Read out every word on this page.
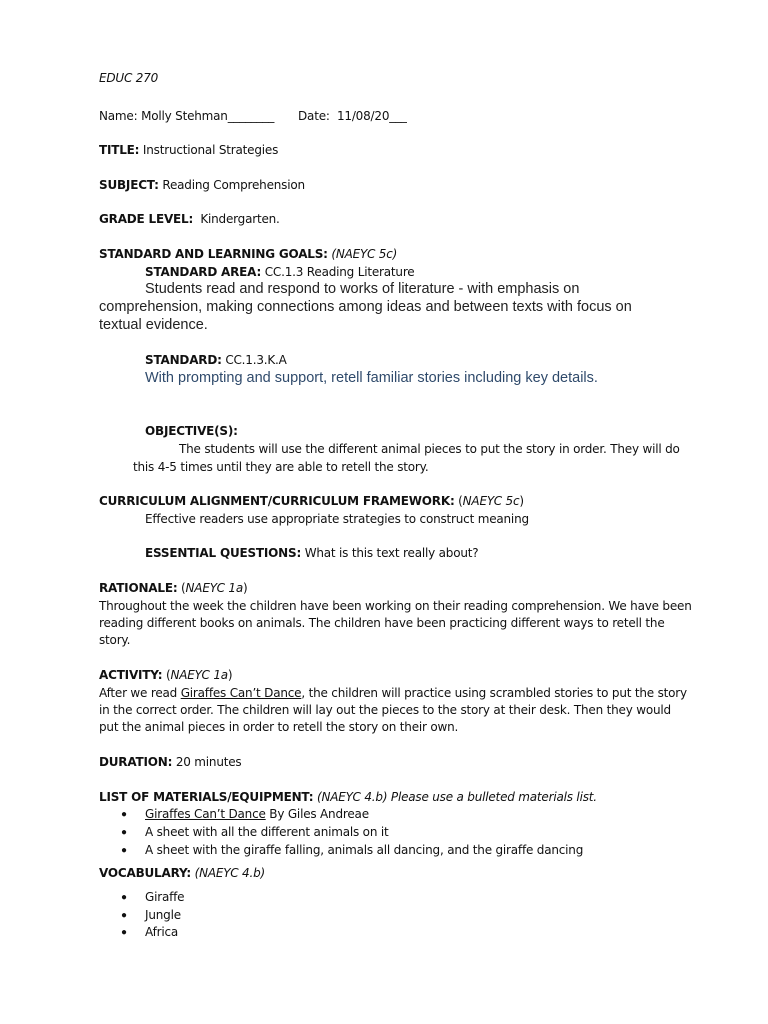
EDUC 270
Name: Molly Stehman________ Date: 11/08/20___
TITLE: Instructional Strategies
SUBJECT: Reading Comprehension
GRADE LEVEL: Kindergarten.
STANDARD AND LEARNING GOALS: (NAEYC 5c)
STANDARD AREA: CC.1.3 Reading Literature
Students read and respond to works of literature - with emphasis on
comprehension, making connections among ideas and between texts with focus on
textual evidence.
STANDARD: CC.1.3.K.A
With prompting and support, retell familiar stories including key details.
OBJECTIVE(S):
The students will use the different animal pieces to put the story in order. They will do
this 4-5 times until they are able to retell the story.
CURRICULUM ALIGNMENT/CURRICULUM FRAMEWORK: (NAEYC 5c)
Effective readers use appropriate strategies to construct meaning
ESSENTIAL QUESTIONS: What is this text really about?
RATIONALE: (NAEYC 1a)
Throughout the week the children have been working on their reading comprehension. We have been
reading different books on animals. The children have been practicing different ways to retell the
story.
ACTIVITY: (NAEYC 1a)
After we read Giraffes Can’t Dance, the children will practice using scrambled stories to put the story
in the correct order. The children will lay out the pieces to the story at their desk. Then they would
put the animal pieces in order to retell the story on their own.
DURATION: 20 minutes
LIST OF MATERIALS/EQUIPMENT: (NAEYC 4.b) Please use a bulleted materials list.
● Giraffes Can’t Dance By Giles Andreae
● A sheet with all the different animals on it
● A sheet with the giraffe falling, animals all dancing, and the giraffe dancing
VOCABULARY: (NAEYC 4.b)
● Giraffe
● Jungle
● Africa
